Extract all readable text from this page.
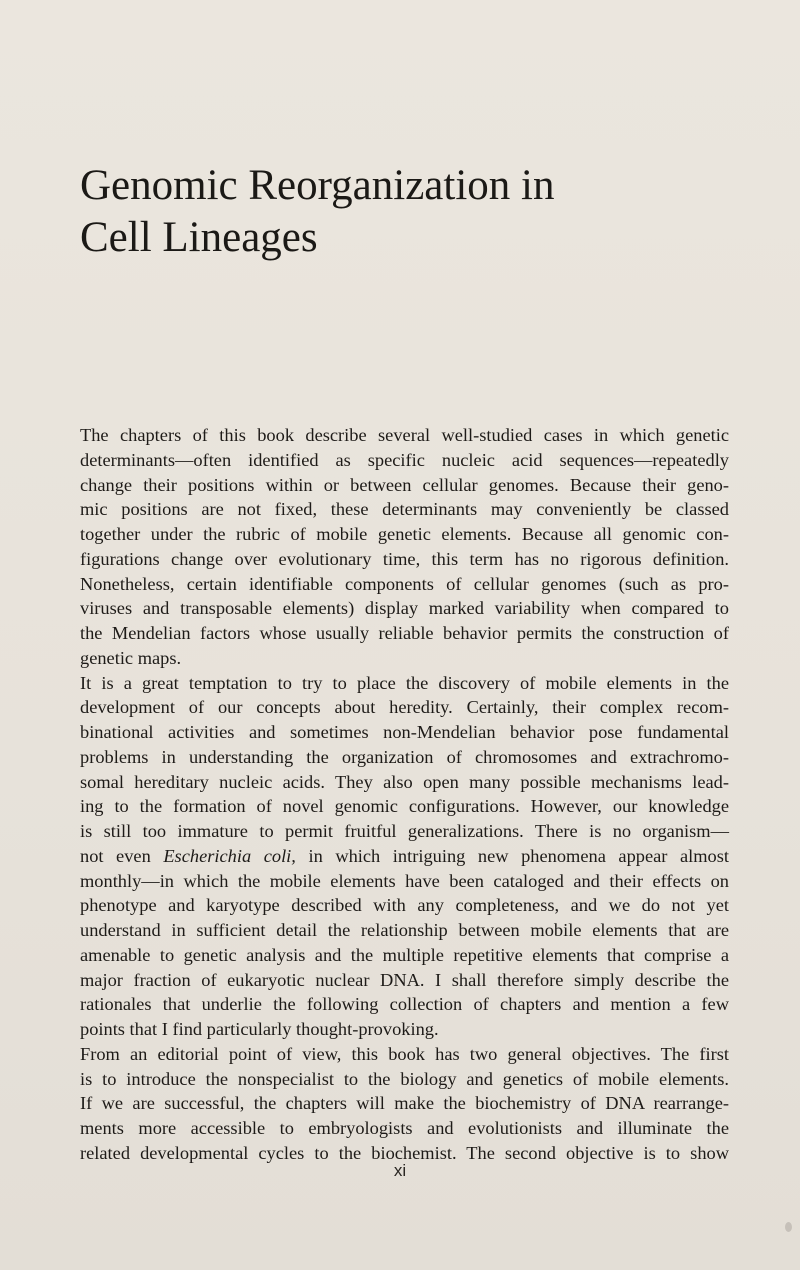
Genomic Reorganization in
Cell Lineages

The chapters of this book describe several well-studied cases in which genetic
determinants—often identified as specific nucleic acid sequences—repeatedly
change their positions within or between cellular genomes. Because their geno-
mic positions are not fixed, these determinants may conveniently be classed
together under the rubric of mobile genetic elements. Because all genomic con-
figurations change over evolutionary time, this term has no rigorous definition.
Nonetheless, certain identifiable components of cellular genomes (such as pro-
viruses and transposable elements) display marked variability when compared to
the Mendelian factors whose usually reliable behavior permits the construction of
genetic maps.

It is a great temptation to try to place the discovery of mobile elements in the
development of our concepts about heredity. Certainly, their complex recom-
binational activities and sometimes non-Mendelian behavior pose fundamental
problems in understanding the organization of chromosomes and extrachromo-
somal hereditary nucleic acids. They also open many possible mechanisms lead-
ing to the formation of novel genomic configurations. However, our knowledge
is still too immature to permit fruitful generalizations. There is no organism—
not even Escherichia coli, in which intriguing new phenomena appear almost
monthly—in which the mobile elements have been cataloged and their effects on
phenotype and karyotype described with any completeness, and we do not yet
understand in sufficient detail the relationship between mobile elements that are
amenable to genetic analysis and the multiple repetitive elements that comprise a
major fraction of eukaryotic nuclear DNA. I shall therefore simply describe the
rationales that underlie the following collection of chapters and mention a few
points that I find particularly thought-provoking.

From an editorial point of view, this book has two general objectives. The first
is to introduce the nonspecialist to the biology and genetics of mobile elements.
If we are successful, the chapters will make the biochemistry of DNA rearrange-
ments more accessible to embryologists and evolutionists and illuminate the
related developmental cycles to the biochemist. The second objective is to show

xi
